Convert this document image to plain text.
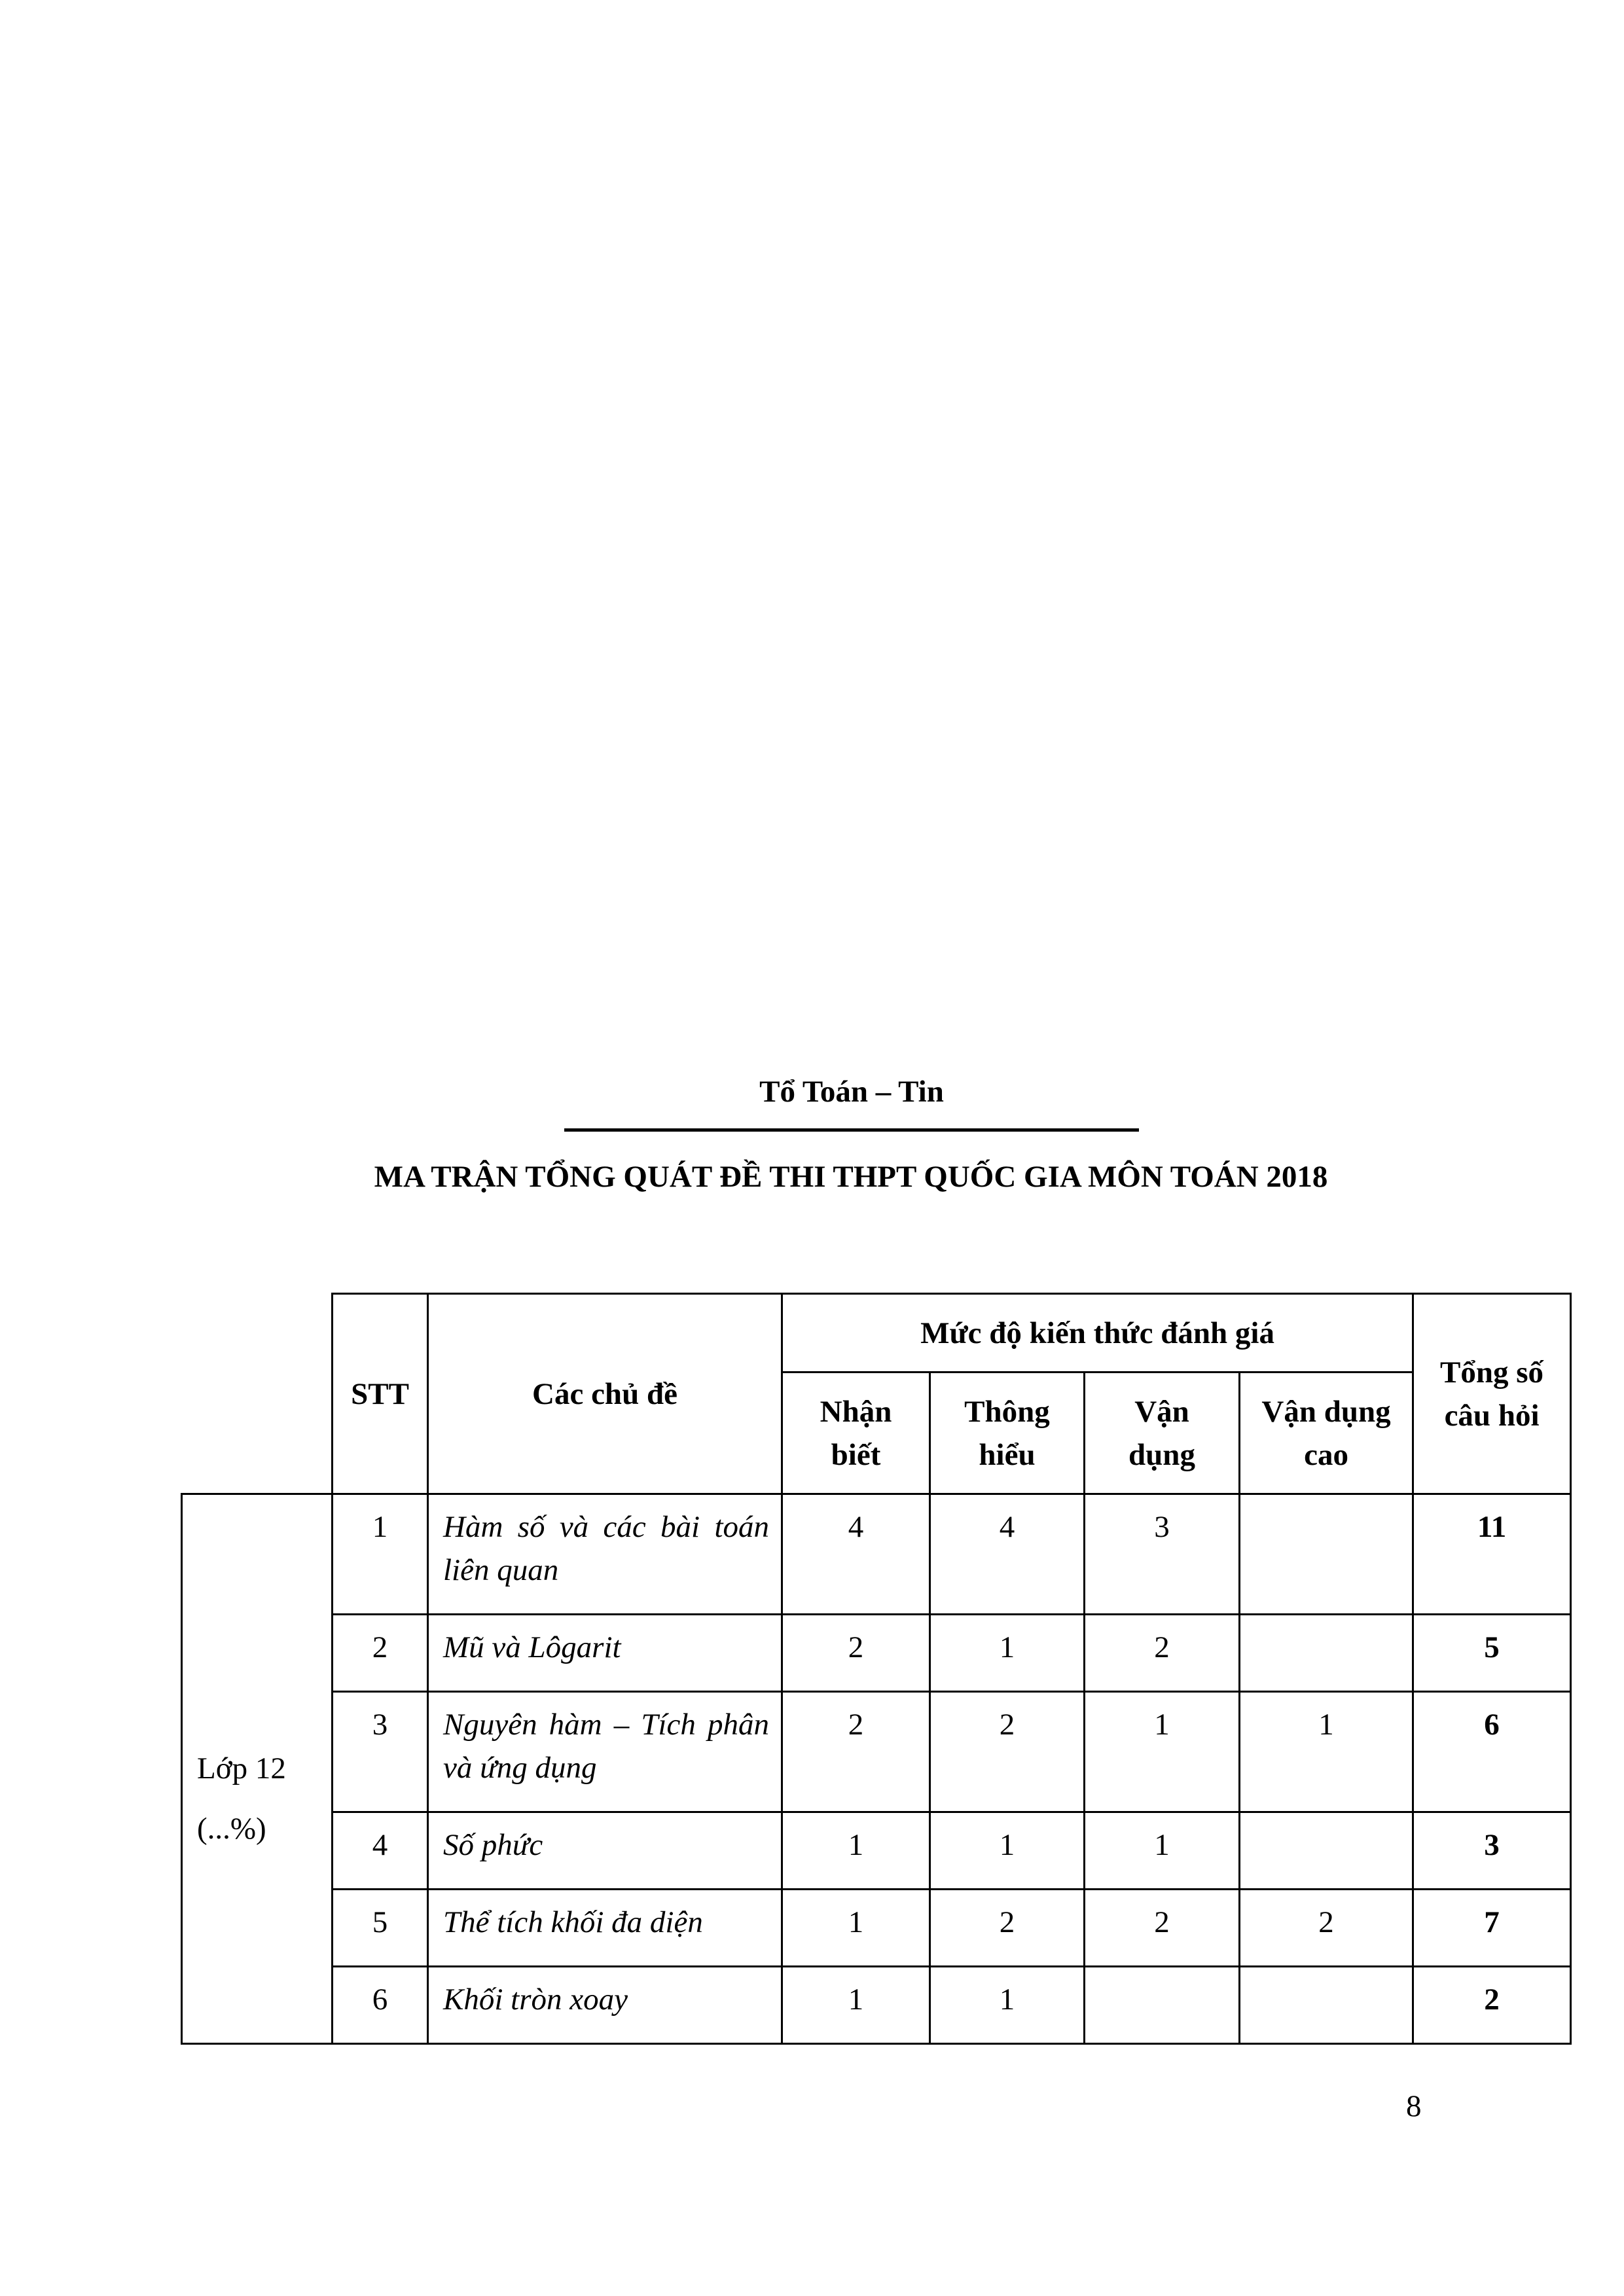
Tổ Toán – Tin
MA TRẬN TỔNG QUÁT ĐỀ THI THPT QUỐC GIA MÔN TOÁN 2018
	STT	Các chủ đề	Mức độ kiến thức đánh giá				Tổng số câu hỏi

			Nhận biết	Thông hiểu	Vận dụng	Vận dụng cao	

Lớp 12
(...%)	1	Hàm số và các bài toán liên quan	4	4	3		11
	2	Mũ và Lôgarit	2	1	2		5
	3	Nguyên hàm – Tích phân và ứng dụng	2	2	1	1	6
	4	Số phức	1	1	1		3
	5	Thể tích khối đa diện	1	2	2	2	7
	6	Khối tròn xoay	1	1			2
8
